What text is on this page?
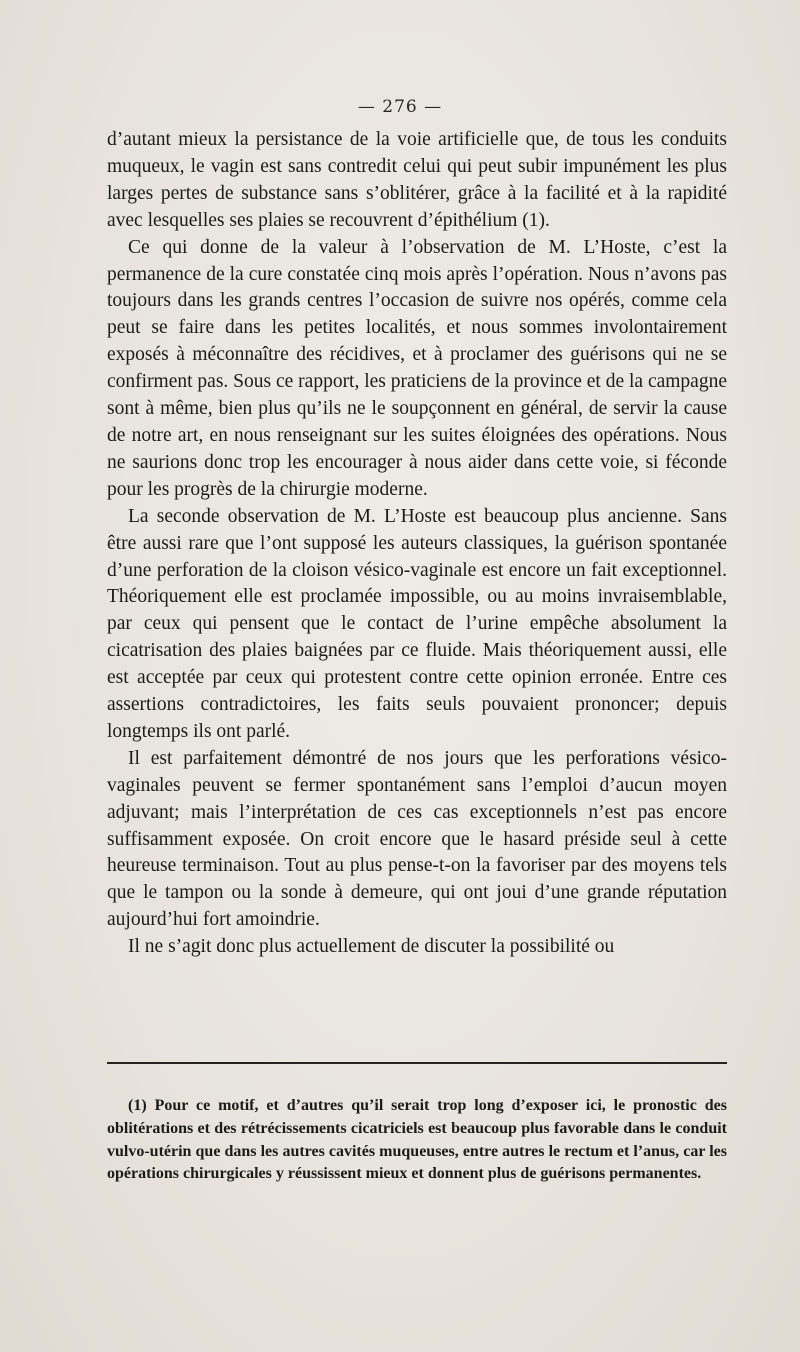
— 276 —

d’autant mieux la persistance de la voie artificielle que, de tous les conduits muqueux, le vagin est sans contredit celui qui peut subir impunément les plus larges pertes de substance sans s’oblitérer, grâce à la facilité et à la rapidité avec lesquelles ses plaies se recouvrent d’épithélium (1).

Ce qui donne de la valeur à l’observation de M. L’Hoste, c’est la permanence de la cure constatée cinq mois après l’opération. Nous n’avons pas toujours dans les grands centres l’occasion de suivre nos opérés, comme cela peut se faire dans les petites localités, et nous sommes involontairement exposés à méconnaître des récidives, et à proclamer des guérisons qui ne se confirment pas. Sous ce rapport, les praticiens de la province et de la campagne sont à même, bien plus qu’ils ne le soupçonnent en général, de servir la cause de notre art, en nous renseignant sur les suites éloignées des opérations. Nous ne saurions donc trop les encourager à nous aider dans cette voie, si féconde pour les progrès de la chirurgie moderne.

La seconde observation de M. L’Hoste est beaucoup plus ancienne. Sans être aussi rare que l’ont supposé les auteurs classiques, la guérison spontanée d’une perforation de la cloison vésico-vaginale est encore un fait exceptionnel. Théoriquement elle est proclamée impossible, ou au moins invraisemblable, par ceux qui pensent que le contact de l’urine empêche absolument la cicatrisation des plaies baignées par ce fluide. Mais théoriquement aussi, elle est acceptée par ceux qui protestent contre cette opinion erronée. Entre ces assertions contradictoires, les faits seuls pouvaient prononcer; depuis longtemps ils ont parlé.

Il est parfaitement démontré de nos jours que les perforations vésico-vaginales peuvent se fermer spontanément sans l’emploi d’aucun moyen adjuvant; mais l’interprétation de ces cas exceptionnels n’est pas encore suffisamment exposée. On croit encore que le hasard préside seul à cette heureuse terminaison. Tout au plus pense-t-on la favoriser par des moyens tels que le tampon ou la sonde à demeure, qui ont joui d’une grande réputation aujourd’hui fort amoindrie.

Il ne s’agit donc plus actuellement de discuter la possibilité ou

(1) Pour ce motif, et d’autres qu’il serait trop long d’exposer ici, le pronostic des oblitérations et des rétrécissements cicatriciels est beaucoup plus favorable dans le conduit vulvo-utérin que dans les autres cavités muqueuses, entre autres le rectum et l’anus, car les opérations chirurgicales y réussissent mieux et donnent plus de guérisons permanentes.
